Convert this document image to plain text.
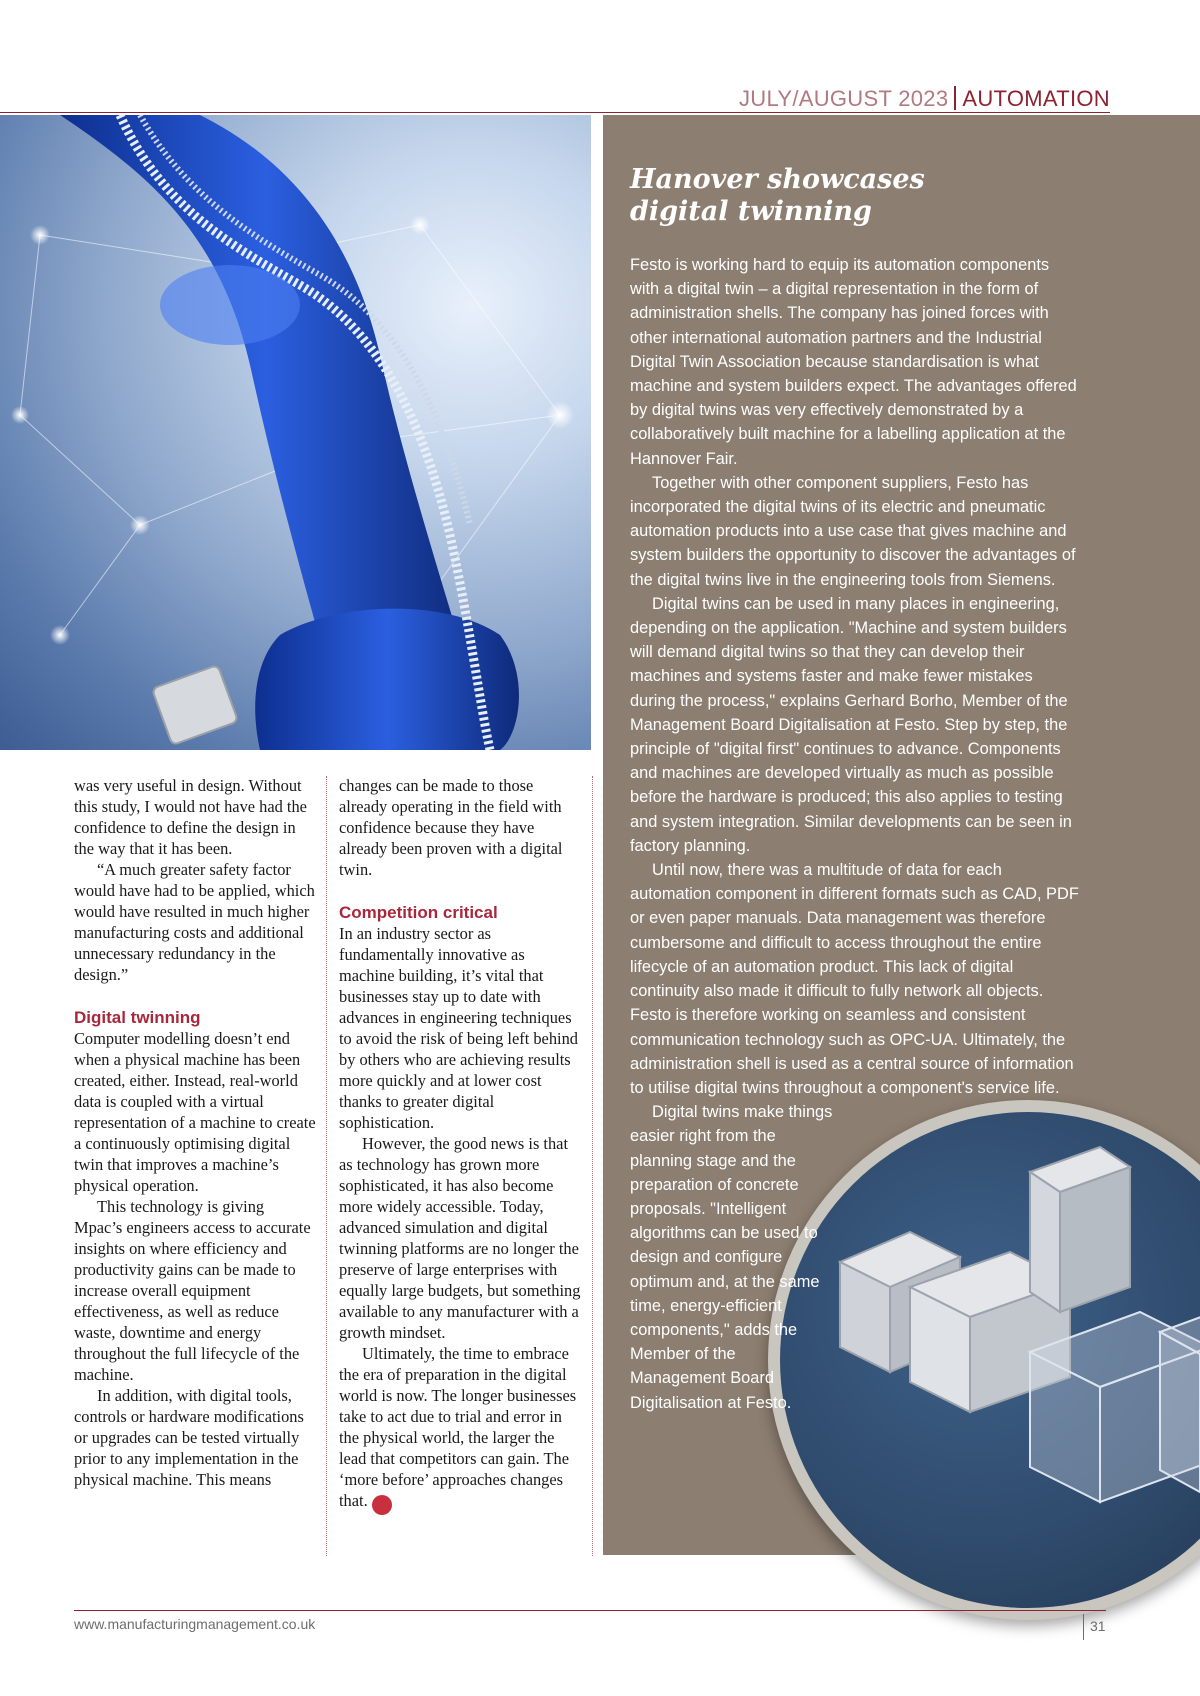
JULY/AUGUST 2023 AUTOMATION
Hanover showcases
digital twinning

Festo is working hard to equip its automation components with a digital twin – a digital representation in the form of administration shells. The company has joined forces with other international automation partners and the Industrial Digital Twin Association because standardisation is what machine and system builders expect. The advantages offered by digital twins was very effectively demonstrated by a collaboratively built machine for a labelling application at the Hannover Fair.

Together with other component suppliers, Festo has incorporated the digital twins of its electric and pneumatic automation products into a use case that gives machine and system builders the opportunity to discover the advantages of the digital twins live in the engineering tools from Siemens.

Digital twins can be used in many places in engineering, depending on the application. "Machine and system builders will demand digital twins so that they can develop their machines and systems faster and make fewer mistakes during the process," explains Gerhard Borho, Member of the Management Board Digitalisation at Festo. Step by step, the principle of "digital first" continues to advance. Components and machines are developed virtually as much as possible before the hardware is produced; this also applies to testing and system integration. Similar developments can be seen in factory planning.

Until now, there was a multitude of data for each automation component in different formats such as CAD, PDF or even paper manuals. Data management was therefore cumbersome and difficult to access throughout the entire lifecycle of an automation product. This lack of digital continuity also made it difficult to fully network all objects. Festo is therefore working on seamless and consistent communication technology such as OPC-UA. Ultimately, the administration shell is used as a central source of information to utilise digital twins throughout a component's service life.

Digital twins make things easier right from the planning stage and the preparation of concrete proposals. "Intelligent algorithms can be used to design and configure optimum and, at the same time, energy-efficient components," adds the Member of the Management Board Digitalisation at Festo.

was very useful in design. Without this study, I would not have had the confidence to define the design in the way that it has been.

“A much greater safety factor would have had to be applied, which would have resulted in much higher manufacturing costs and additional unnecessary redundancy in the design.”

Digital twinning

Computer modelling doesn’t end when a physical machine has been created, either. Instead, real-world data is coupled with a virtual representation of a machine to create a continuously optimising digital twin that improves a machine’s physical operation.

This technology is giving Mpac’s engineers access to accurate insights on where efficiency and productivity gains can be made to increase overall equipment effectiveness, as well as reduce waste, downtime and energy throughout the full lifecycle of the machine.

In addition, with digital tools, controls or hardware modifications or upgrades can be tested virtually prior to any implementation in the physical machine. This means

changes can be made to those already operating in the field with confidence because they have already been proven with a digital twin.

Competition critical

In an industry sector as fundamentally innovative as machine building, it’s vital that businesses stay up to date with advances in engineering techniques to avoid the risk of being left behind by others who are achieving results more quickly and at lower cost thanks to greater digital sophistication.

However, the good news is that as technology has grown more sophisticated, it has also become more widely accessible. Today, advanced simulation and digital twinning platforms are no longer the preserve of large enterprises with equally large budgets, but something available to any manufacturer with a growth mindset.

Ultimately, the time to embrace the era of preparation in the digital world is now. The longer businesses take to act due to trial and error in the physical world, the larger the lead that competitors can gain. The ‘more before’ approaches changes that. M

www.manufacturingmanagement.co.uk	31
